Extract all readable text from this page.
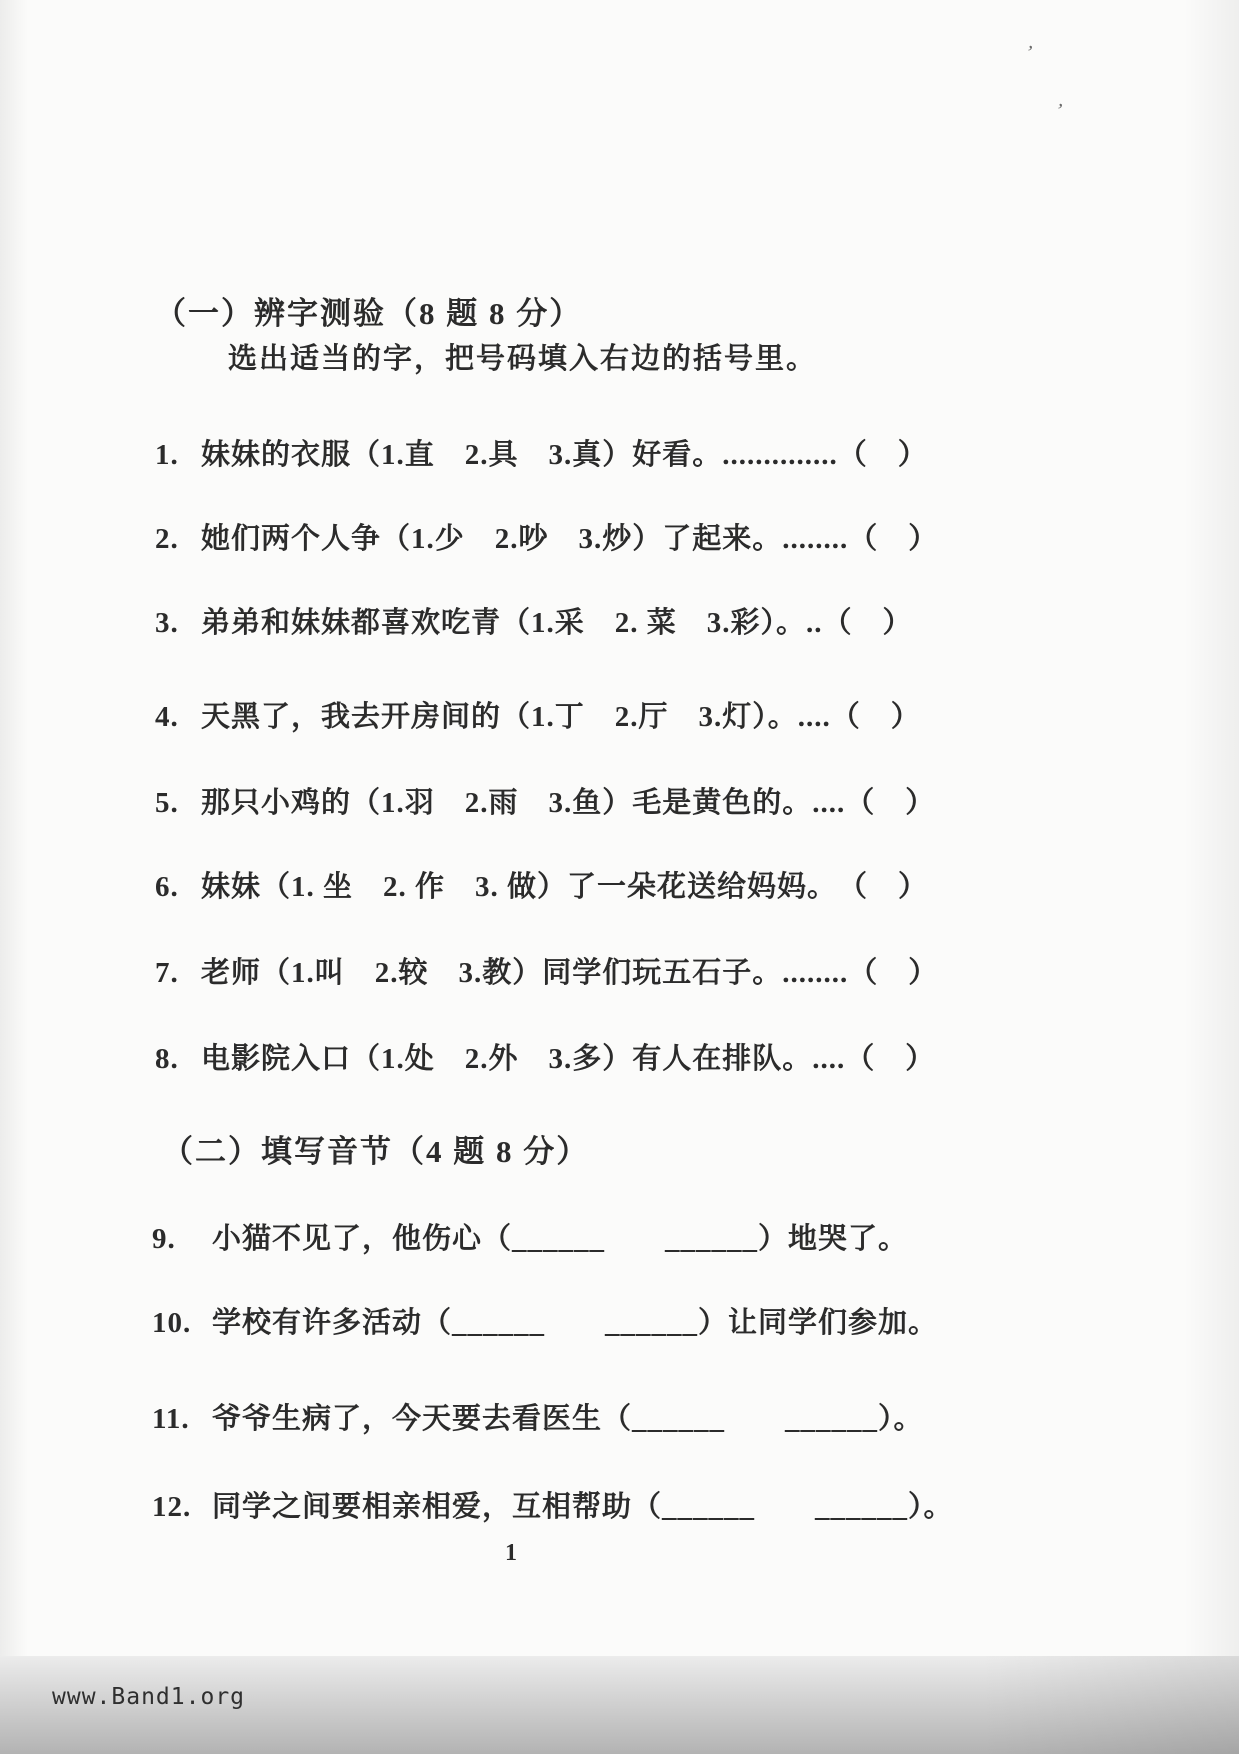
’
’
（一）辨字测验（8 题 8 分）
选出适当的字，把号码填入右边的括号里。
1. 妹妹的衣服（1.直　2.具　3.真）好看。..............（　）
2. 她们两个人争（1.少　2.吵　3.炒）了起来。........（　）
3. 弟弟和妹妹都喜欢吃青（1.采　2. 菜　3.彩）。..（　）
4. 天黑了，我去开房间的（1.丁　2.厅　3.灯）。....（　）
5. 那只小鸡的（1.羽　2.雨　3.鱼）毛是黄色的。....（　）
6. 妹妹（1. 坐　2. 作　3. 做）了一朵花送给妈妈。　（　）
7. 老师（1.叫　2.较　3.教）同学们玩五石子。........（　）
8. 电影院入口（1.处　2.外　3.多）有人在排队。....（　）
（二）填写音节（4 题 8 分）
9. 小猫不见了，他伤心（______　　______）地哭了。
10. 学校有许多活动（______　　______）让同学们参加。
11. 爷爷生病了，今天要去看医生（______　　______）。
12. 同学之间要相亲相爱，互相帮助（______　　______）。
1
www.Band1.org
